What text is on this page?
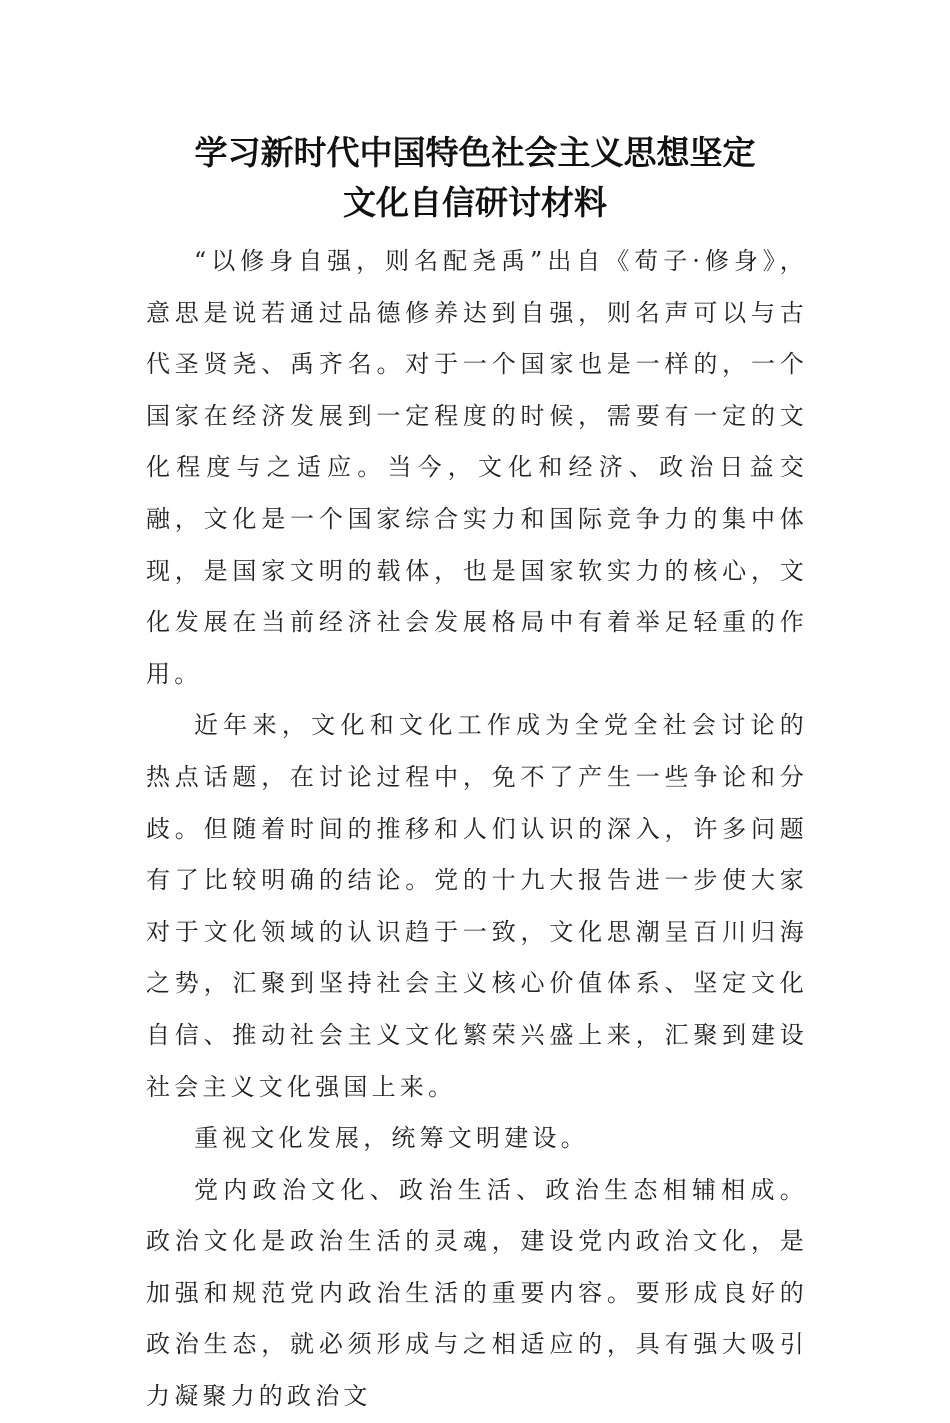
学习新时代中国特色社会主义思想坚定
文化自信研讨材料

“以修身自强，则名配尧禹”出自《荀子·修身》，意思是说若通过品德修养达到自强，则名声可以与古代圣贤尧、禹齐名。对于一个国家也是一样的，一个国家在经济发展到一定程度的时候，需要有一定的文化程度与之适应。当今，文化和经济、政治日益交融，文化是一个国家综合实力和国际竞争力的集中体现，是国家文明的载体，也是国家软实力的核心，文化发展在当前经济社会发展格局中有着举足轻重的作用。

近年来，文化和文化工作成为全党全社会讨论的热点话题，在讨论过程中，免不了产生一些争论和分歧。但随着时间的推移和人们认识的深入，许多问题有了比较明确的结论。党的十九大报告进一步使大家对于文化领域的认识趋于一致，文化思潮呈百川归海之势，汇聚到坚持社会主义核心价值体系、坚定文化自信、推动社会主义文化繁荣兴盛上来，汇聚到建设社会主义文化强国上来。

重视文化发展，统筹文明建设。

党内政治文化、政治生活、政治生态相辅相成。政治文化是政治生活的灵魂，建设党内政治文化，是加强和规范党内政治生活的重要内容。要形成良好的政治生态，就必须形成与之相适应的，具有强大吸引力凝聚力的政治文
